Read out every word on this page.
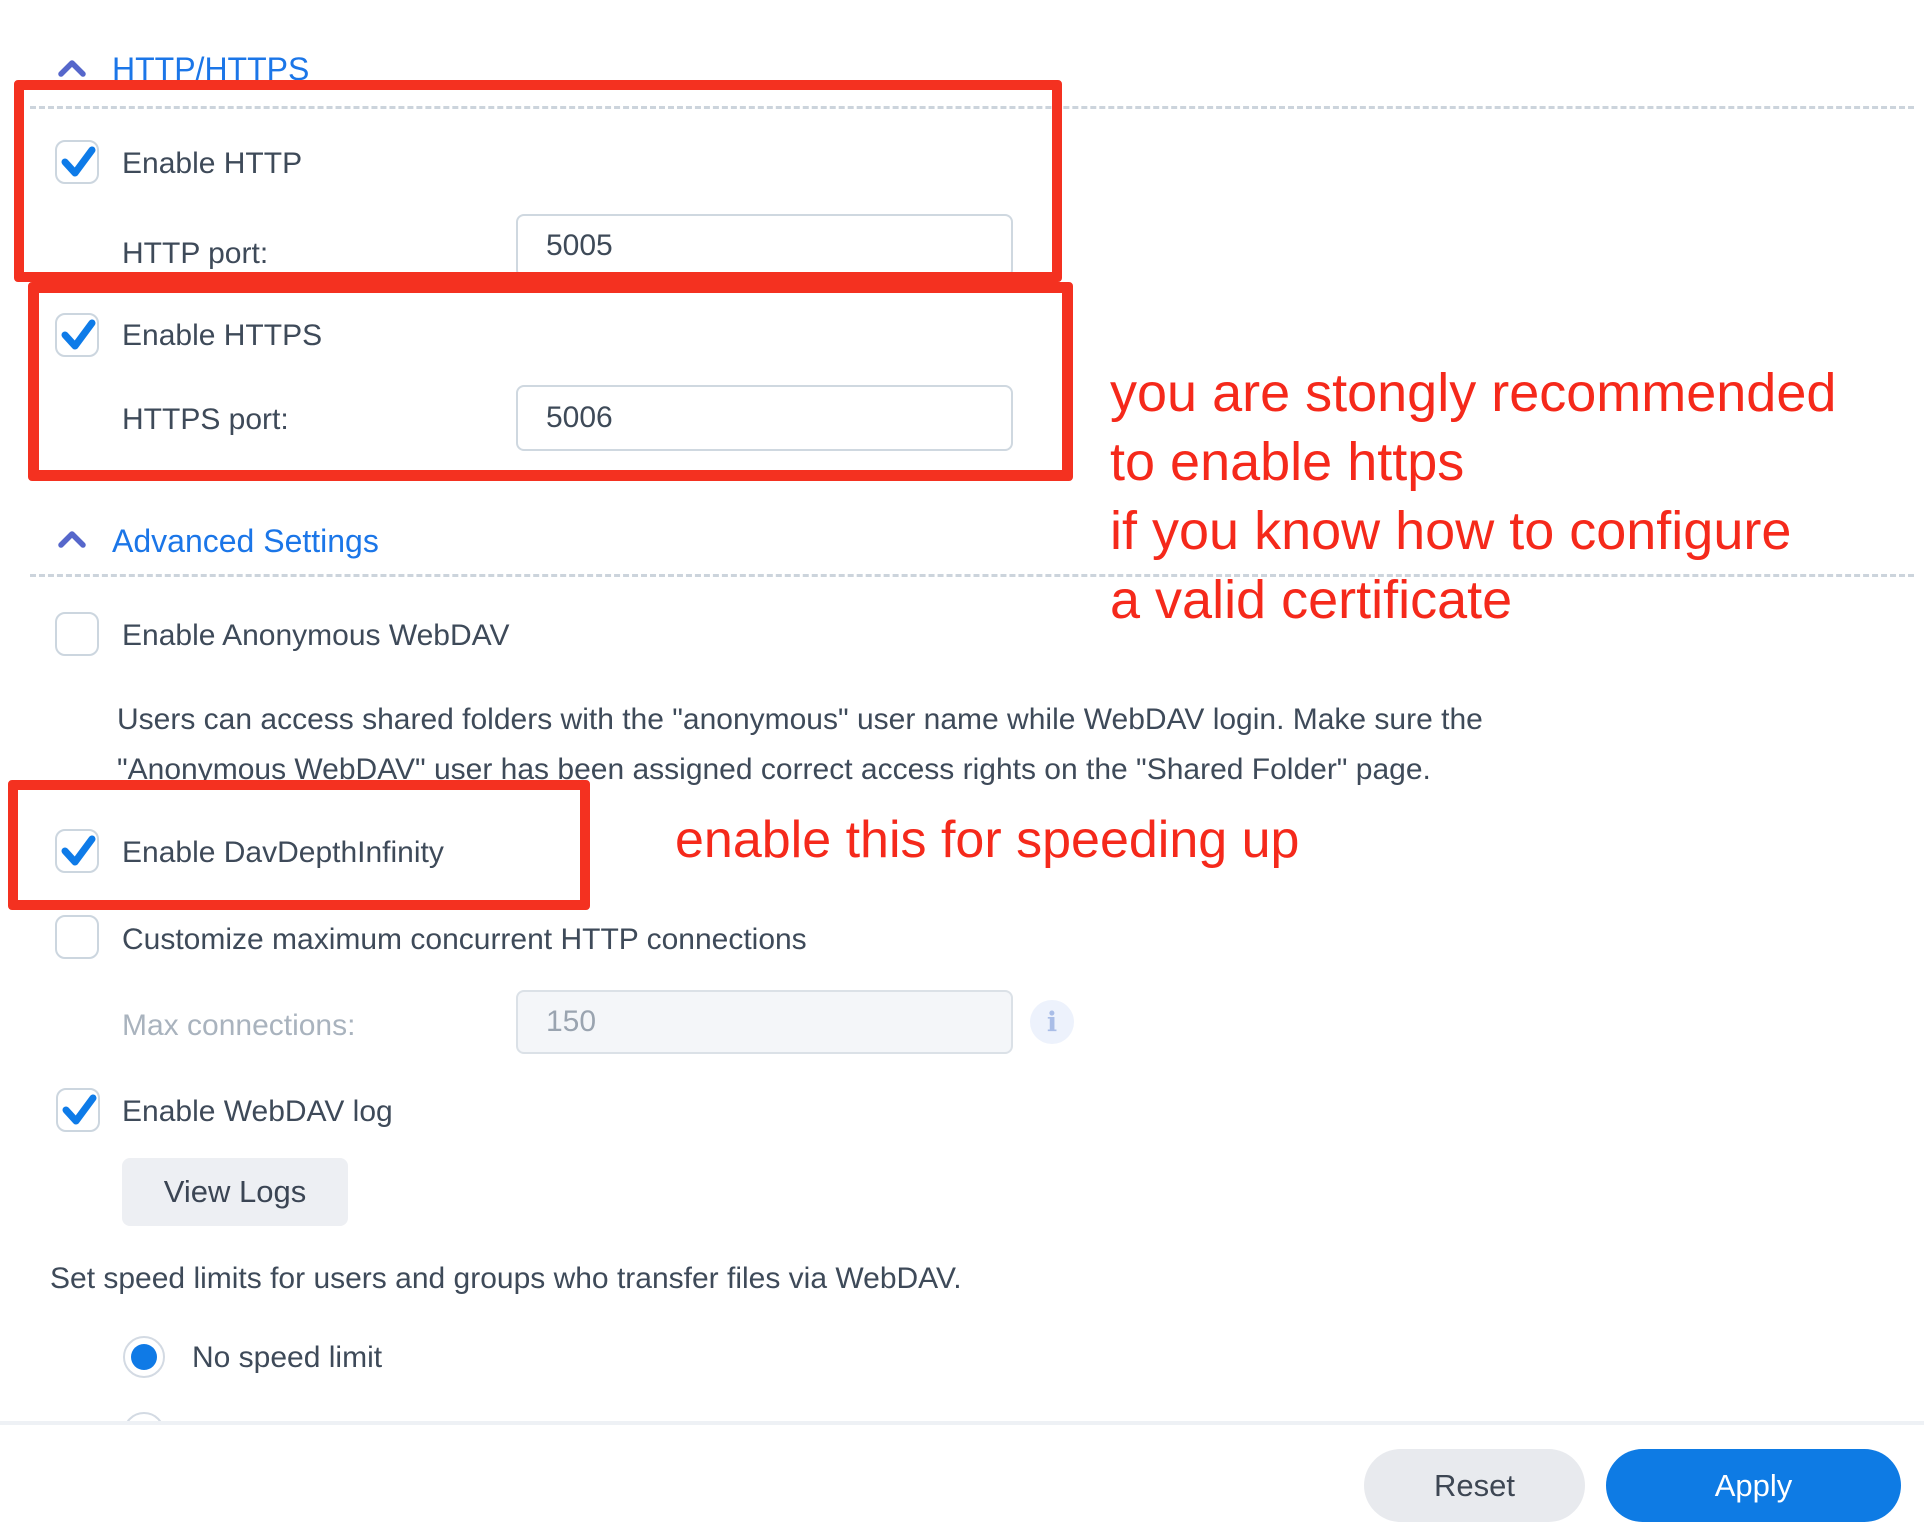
HTTP/HTTPS
Enable HTTP
HTTP port:
5005
Enable HTTPS
HTTPS port:
5006
Advanced Settings
Enable Anonymous WebDAV
Users can access shared folders with the "anonymous" user name while WebDAV login. Make sure the
"Anonymous WebDAV" user has been assigned correct access rights on the "Shared Folder" page.
Enable DavDepthInfinity
Customize maximum concurrent HTTP connections
Max connections:
150	i
Enable WebDAV log
View Logs
Set speed limits for users and groups who transfer files via WebDAV.
No speed limit
Reset	Apply
you are stongly recommended
to enable https
if you know how to configure
a valid certificate
enable this for speeding up
